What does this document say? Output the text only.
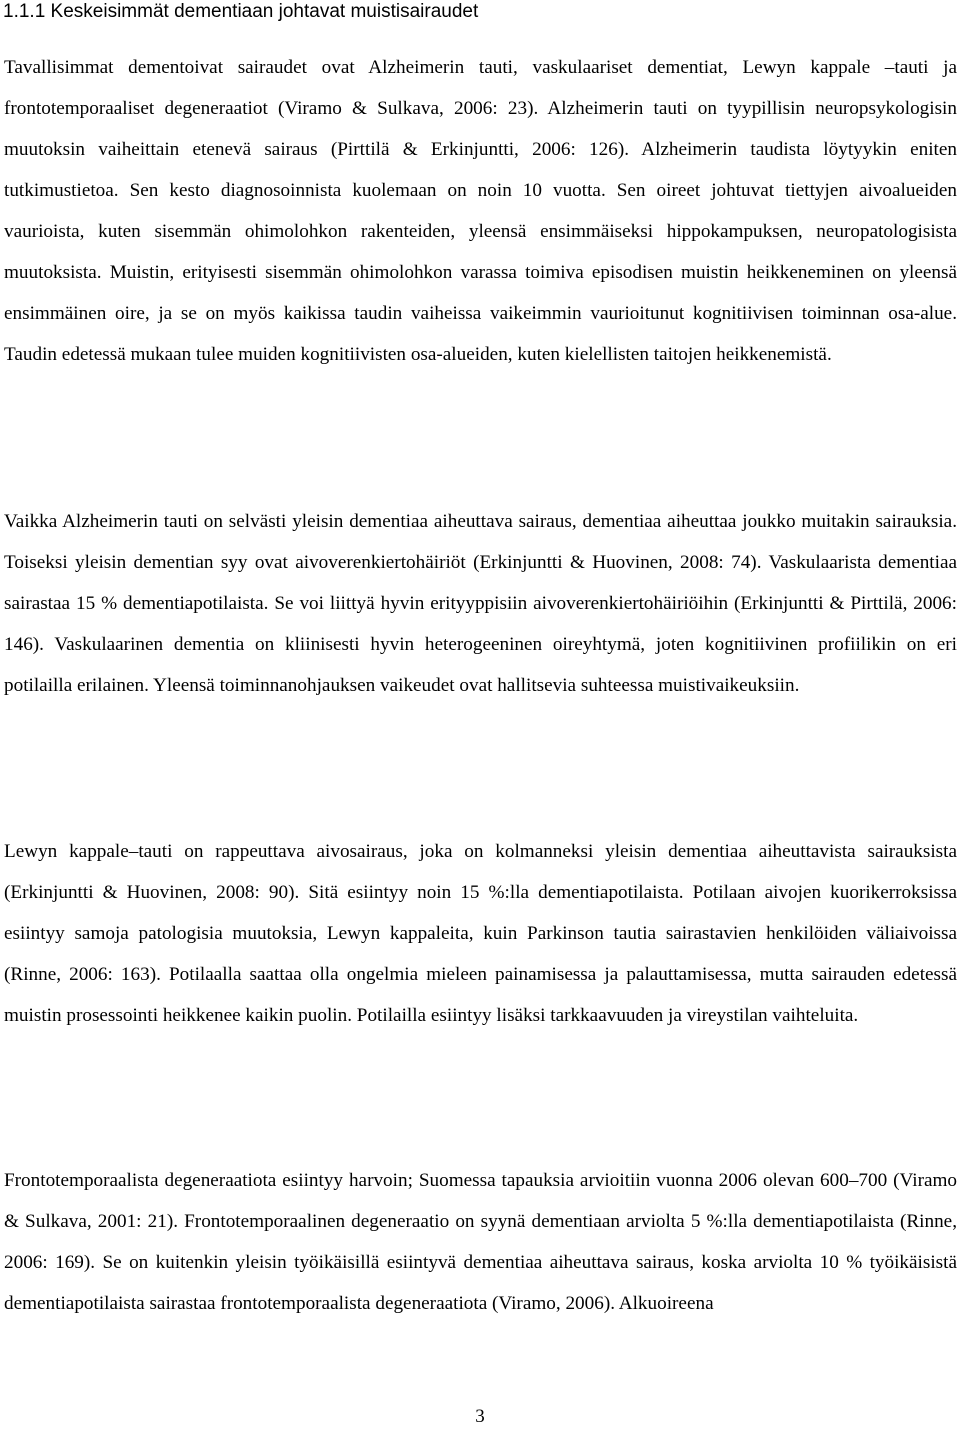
1.1.1 Keskeisimmät dementiaan johtavat muistisairaudet

Tavallisimmat dementoivat sairaudet ovat Alzheimerin tauti, vaskulaariset dementiat, Lewyn kappale –tauti ja frontotemporaaliset degeneraatiot (Viramo & Sulkava, 2006: 23). Alzheimerin tauti on tyypillisin neuropsykologisin muutoksin vaiheittain etenevä sairaus (Pirttilä & Erkinjuntti, 2006: 126). Alzheimerin taudista löytyykin eniten tutkimustietoa. Sen kesto diagnosoinnista kuolemaan on noin 10 vuotta. Sen oireet johtuvat tiettyjen aivoalueiden vaurioista, kuten sisemmän ohimolohkon rakenteiden, yleensä ensimmäiseksi hippokampuksen, neuropatologisista muutoksista. Muistin, erityisesti sisemmän ohimolohkon varassa toimiva episodisen muistin heikkeneminen on yleensä ensimmäinen oire, ja se on myös kaikissa taudin vaiheissa vaikeimmin vaurioitunut kognitiivisen toiminnan osa-alue. Taudin edetessä mukaan tulee muiden kognitiivisten osa-alueiden, kuten kielellisten taitojen heikkenemistä.

Vaikka Alzheimerin tauti on selvästi yleisin dementiaa aiheuttava sairaus, dementiaa aiheuttaa joukko muitakin sairauksia. Toiseksi yleisin dementian syy ovat aivoverenkiertohäiriöt (Erkinjuntti & Huovinen, 2008: 74). Vaskulaarista dementiaa sairastaa 15 % dementiapotilaista. Se voi liittyä hyvin erityyppisiin aivoverenkiertohäiriöihin (Erkinjuntti & Pirttilä, 2006: 146). Vaskulaarinen dementia on kliinisesti hyvin heterogeeninen oireyhtymä, joten kognitiivinen profiilikin on eri potilailla erilainen. Yleensä toiminnanohjauksen vaikeudet ovat hallitsevia suhteessa muistivaikeuksiin.

Lewyn kappale–tauti on rappeuttava aivosairaus, joka on kolmanneksi yleisin dementiaa aiheuttavista sairauksista (Erkinjuntti & Huovinen, 2008: 90). Sitä esiintyy noin 15 %:lla dementiapotilaista. Potilaan aivojen kuorikerroksissa esiintyy samoja patologisia muutoksia, Lewyn kappaleita, kuin Parkinson tautia sairastavien henkilöiden väliaivoissa (Rinne, 2006: 163). Potilaalla saattaa olla ongelmia mieleen painamisessa ja palauttamisessa, mutta sairauden edetessä muistin prosessointi heikkenee kaikin puolin. Potilailla esiintyy lisäksi tarkkaavuuden ja vireystilan vaihteluita.

Frontotemporaalista degeneraatiota esiintyy harvoin; Suomessa tapauksia arvioitiin vuonna 2006 olevan 600–700 (Viramo & Sulkava, 2001: 21). Frontotemporaalinen degeneraatio on syynä dementiaan arviolta 5 %:lla dementiapotilaista (Rinne, 2006: 169). Se on kuitenkin yleisin työikäisillä esiintyvä dementiaa aiheuttava sairaus, koska arviolta 10 % työikäisistä dementiapotilaista sairastaa frontotemporaalista degeneraatiota (Viramo, 2006). Alkuoireena

3
